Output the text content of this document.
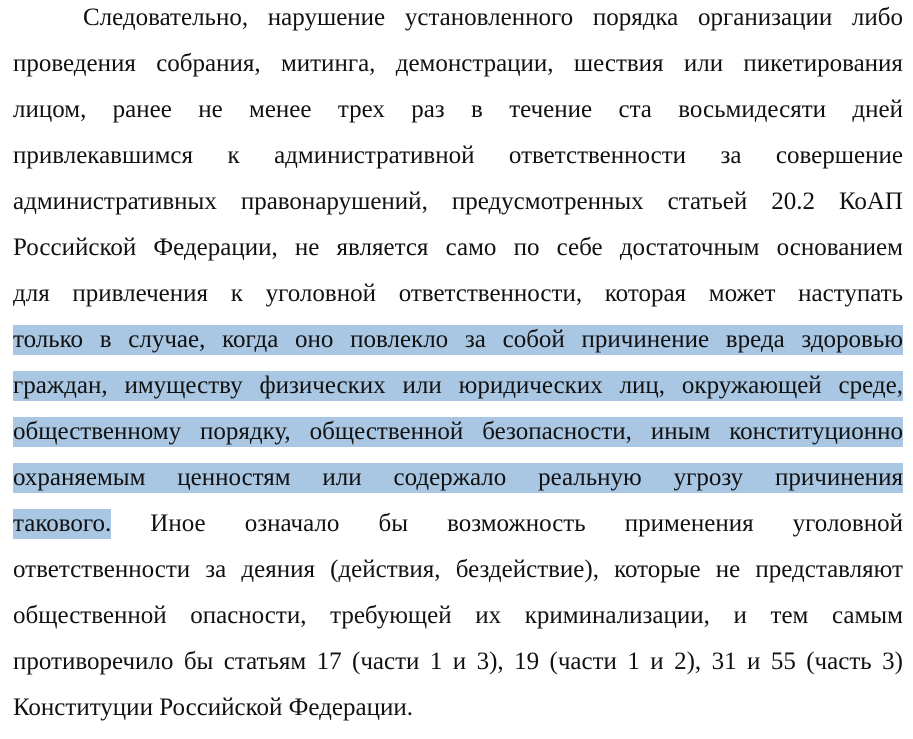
Следовательно, нарушение установленного порядка организации либо
проведения собрания, митинга, демонстрации, шествия или пикетирования
лицом, ранее не менее трех раз в течение ста восьмидесяти дней
привлекавшимся к административной ответственности за совершение
административных правонарушений, предусмотренных статьей 20.2 КоАП
Российской Федерации, не является само по себе достаточным основанием
для привлечения к уголовной ответственности, которая может наступать
только в случае, когда оно повлекло за собой причинение вреда здоровью
граждан, имуществу физических или юридических лиц, окружающей среде,
общественному порядку, общественной безопасности, иным конституционно
охраняемым ценностям или содержало реальную угрозу причинения
такового. Иное означало бы возможность применения уголовной
ответственности за деяния (действия, бездействие), которые не представляют
общественной опасности, требующей их криминализации, и тем самым
противоречило бы статьям 17 (части 1 и 3), 19 (части 1 и 2), 31 и 55 (часть 3)
Конституции Российской Федерации.
